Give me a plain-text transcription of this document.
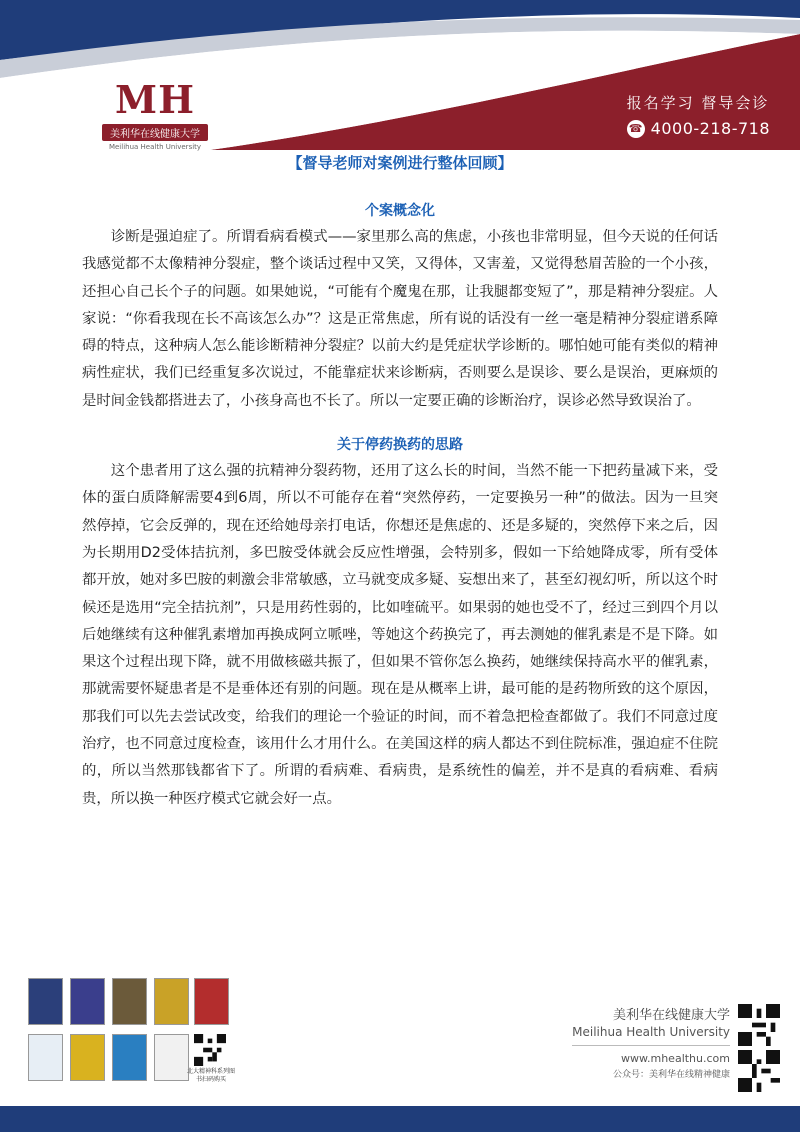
MH
美利华在线健康大学
Meilihua Health University
报名学习 督导会诊
☎ 4000-218-718
【督导老师对案例进行整体回顾】
个案概念化

诊断是强迫症了。所谓看病看模式——家里那么高的焦虑，小孩也非常明显，但今天说的任何话我感觉都不太像精神分裂症，整个谈话过程中又笑，又得体，又害羞，又觉得愁眉苦脸的一个小孩，还担心自己长个子的问题。如果她说，“可能有个魔鬼在那，让我腿都变短了”，那是精神分裂症。人家说：“你看我现在长不高该怎么办”？这是正常焦虑，所有说的话没有一丝一毫是精神分裂症谱系障碍的特点，这种病人怎么能诊断精神分裂症？以前大约是凭症状学诊断的。哪怕她可能有类似的精神病性症状，我们已经重复多次说过，不能靠症状来诊断病，否则要么是误诊、要么是误治，更麻烦的是时间金钱都搭进去了，小孩身高也不长了。所以一定要正确的诊断治疗，误诊必然导致误治了。

关于停药换药的思路

这个患者用了这么强的抗精神分裂药物，还用了这么长的时间，当然不能一下把药量减下来，受体的蛋白质降解需要4到6周，所以不可能存在着“突然停药，一定要换另一种”的做法。因为一旦突然停掉，它会反弹的，现在还给她母亲打电话，你想还是焦虑的、还是多疑的，突然停下来之后，因为长期用D2受体拮抗剂，多巴胺受体就会反应性增强，会特别多，假如一下给她降成零，所有受体都开放，她对多巴胺的刺激会非常敏感，立马就变成多疑、妄想出来了，甚至幻视幻听，所以这个时候还是选用“完全拮抗剂”，只是用药性弱的，比如喹硫平。如果弱的她也受不了，经过三到四个月以后她继续有这种催乳素增加再换成阿立哌唑，等她这个药换完了，再去测她的催乳素是不是下降。如果这个过程出现下降，就不用做核磁共振了，但如果不管你怎么换药，她继续保持高水平的催乳素，那就需要怀疑患者是不是垂体还有别的问题。现在是从概率上讲，最可能的是药物所致的这个原因，那我们可以先去尝试改变，给我们的理论一个验证的时间，而不着急把检查都做了。我们不同意过度治疗，也不同意过度检查，该用什么才用什么。在美国这样的病人都达不到住院标准，强迫症不住院的，所以当然那钱都省下了。所谓的看病难、看病贵，是系统性的偏差，并不是真的看病难、看病贵，所以换一种医疗模式它就会好一点。

北大精神科系列图
书扫码购买
美利华在线健康大学
Meilihua Health University
www.mhealthu.com
公众号：美利华在线精神健康
